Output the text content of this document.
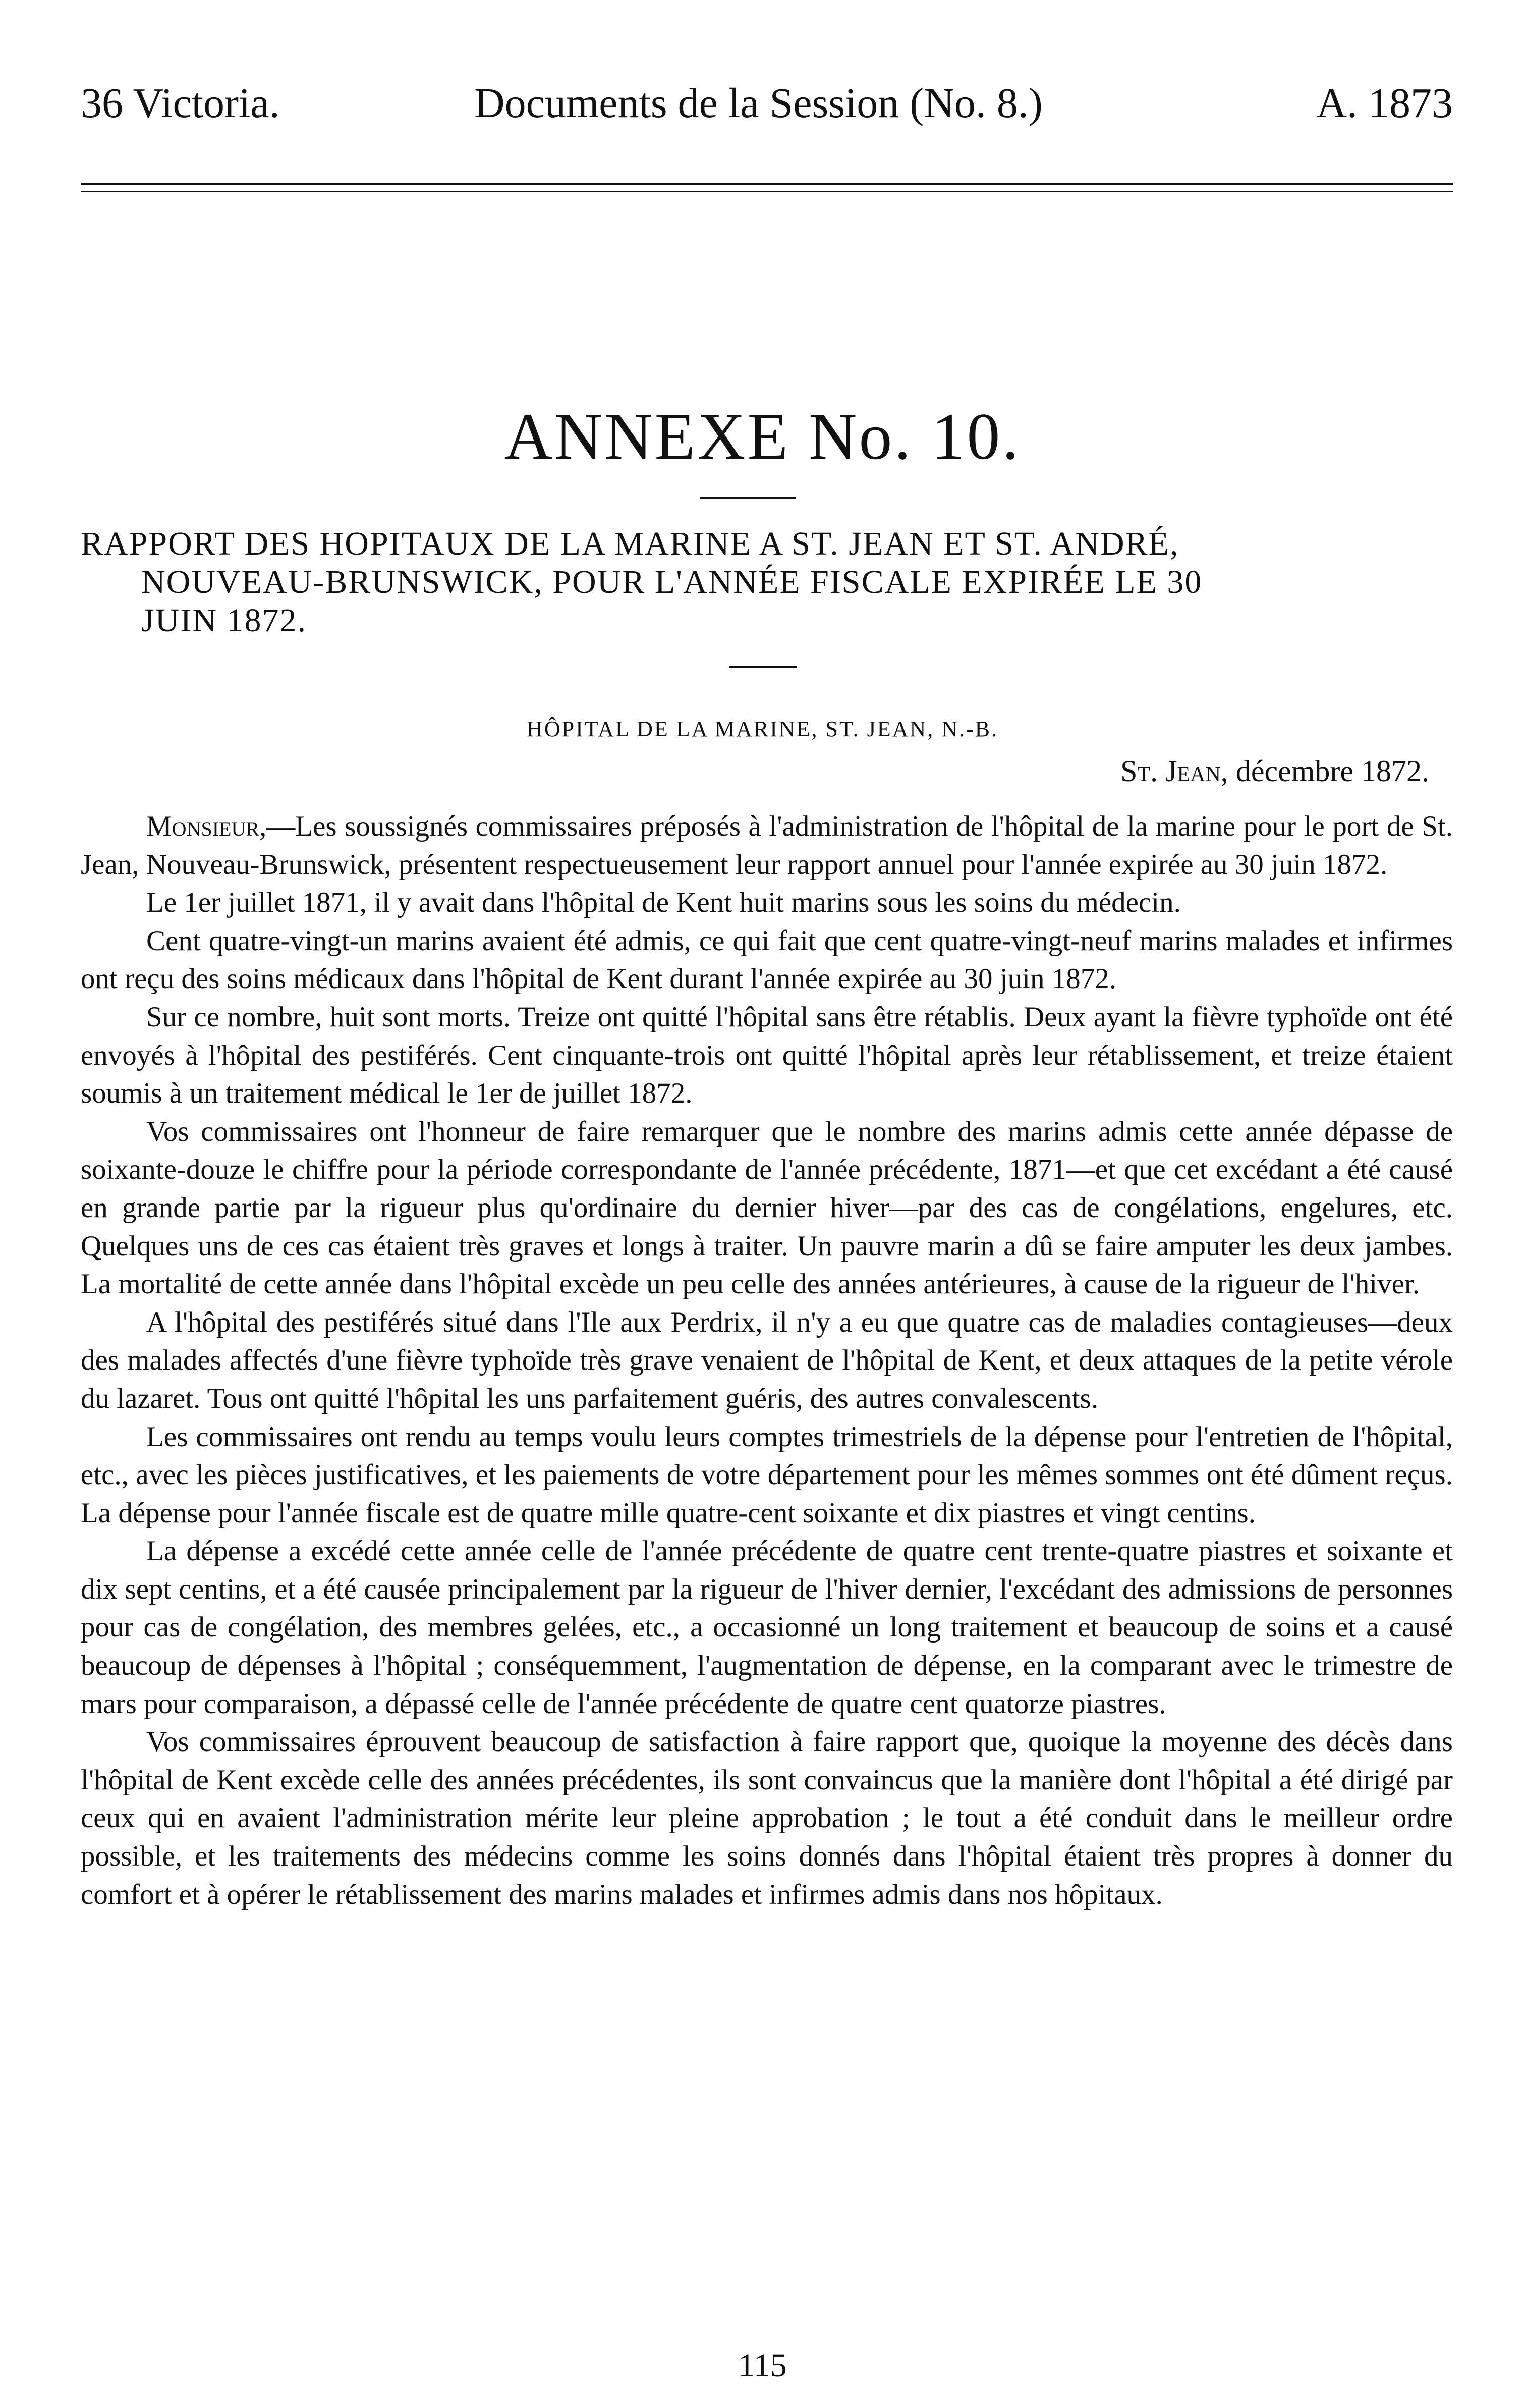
36 Victoria.	Documents de la Session (No. 8.)	A. 1873
ANNEXE No. 10.
RAPPORT DES HOPITAUX DE LA MARINE A ST. JEAN ET ST. ANDRÉ,
NOUVEAU-BRUNSWICK, POUR L'ANNÉE FISCALE EXPIRÉE LE 30
JUIN 1872.
HÔPITAL DE LA MARINE, ST. JEAN, N.-B.
St. Jean, décembre 1872.

Monsieur,—Les soussignés commissaires préposés à l'administration de l'hôpital de la marine pour le port de St. Jean, Nouveau-Brunswick, présentent respectueusement leur rapport annuel pour l'année expirée au 30 juin 1872.

Le 1er juillet 1871, il y avait dans l'hôpital de Kent huit marins sous les soins du médecin.

Cent quatre-vingt-un marins avaient été admis, ce qui fait que cent quatre-vingt-neuf marins malades et infirmes ont reçu des soins médicaux dans l'hôpital de Kent durant l'année expirée au 30 juin 1872.

Sur ce nombre, huit sont morts. Treize ont quitté l'hôpital sans être rétablis. Deux ayant la fièvre typhoïde ont été envoyés à l'hôpital des pestiférés. Cent cinquante-trois ont quitté l'hôpital après leur rétablissement, et treize étaient soumis à un traitement médical le 1er de juillet 1872.

Vos commissaires ont l'honneur de faire remarquer que le nombre des marins admis cette année dépasse de soixante-douze le chiffre pour la période correspondante de l'année précédente, 1871—et que cet excédant a été causé en grande partie par la rigueur plus qu'ordinaire du dernier hiver—par des cas de congélations, engelures, etc. Quelques uns de ces cas étaient très graves et longs à traiter. Un pauvre marin a dû se faire amputer les deux jambes. La mortalité de cette année dans l'hôpital excède un peu celle des années antérieures, à cause de la rigueur de l'hiver.

A l'hôpital des pestiférés situé dans l'Ile aux Perdrix, il n'y a eu que quatre cas de maladies contagieuses—deux des malades affectés d'une fièvre typhoïde très grave venaient de l'hôpital de Kent, et deux attaques de la petite vérole du lazaret. Tous ont quitté l'hôpital les uns parfaitement guéris, des autres convalescents.

Les commissaires ont rendu au temps voulu leurs comptes trimestriels de la dépense pour l'entretien de l'hôpital, etc., avec les pièces justificatives, et les paiements de votre département pour les mêmes sommes ont été dûment reçus. La dépense pour l'année fiscale est de quatre mille quatre-cent soixante et dix piastres et vingt centins.

La dépense a excédé cette année celle de l'année précédente de quatre cent trente-quatre piastres et soixante et dix sept centins, et a été causée principalement par la rigueur de l'hiver dernier, l'excédant des admissions de personnes pour cas de congélation, des membres gelées, etc., a occasionné un long traitement et beaucoup de soins et a causé beaucoup de dépenses à l'hôpital ; conséquemment, l'augmentation de dépense, en la comparant avec le trimestre de mars pour comparaison, a dépassé celle de l'année précédente de quatre cent quatorze piastres.

Vos commissaires éprouvent beaucoup de satisfaction à faire rapport que, quoique la moyenne des décès dans l'hôpital de Kent excède celle des années précédentes, ils sont convaincus que la manière dont l'hôpital a été dirigé par ceux qui en avaient l'administration mérite leur pleine approbation ; le tout a été conduit dans le meilleur ordre possible, et les traitements des médecins comme les soins donnés dans l'hôpital étaient très propres à donner du comfort et à opérer le rétablissement des marins malades et infirmes admis dans nos hôpitaux.

115
